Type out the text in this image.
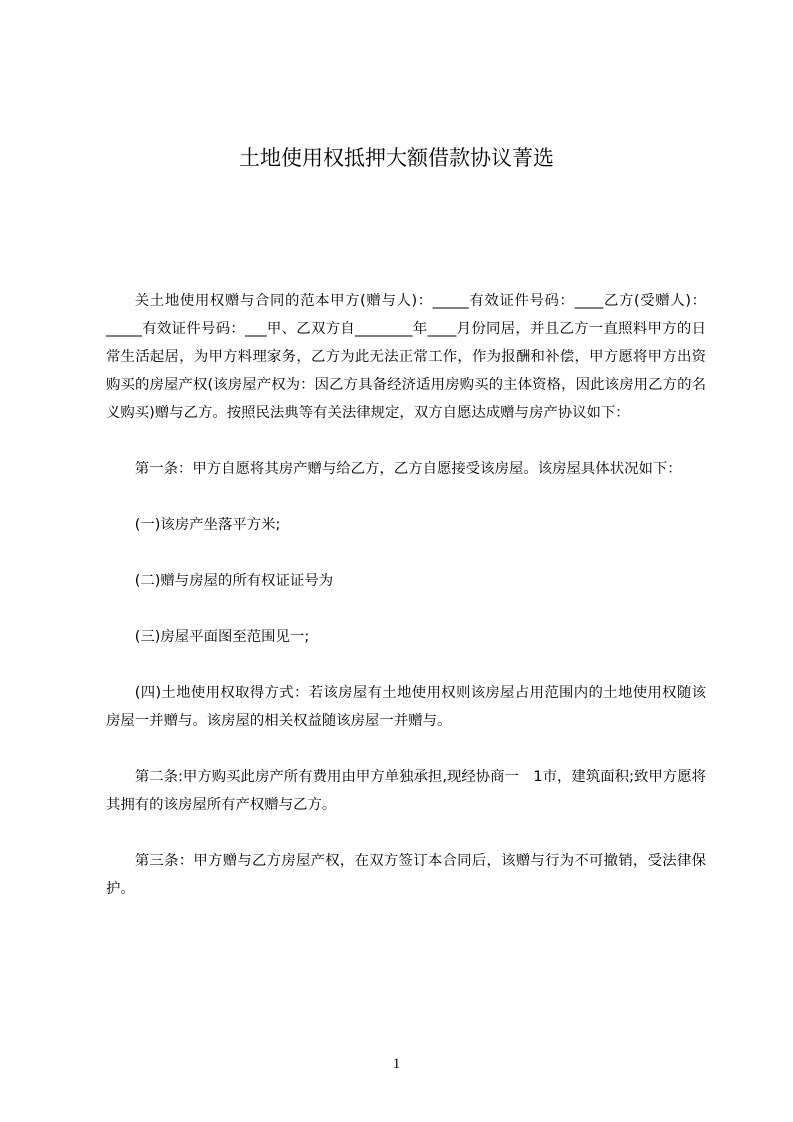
土地使用权抵押大额借款协议菁选

关土地使用权赠与合同的范本甲方(赠与人)：_____有效证件号码：____乙方(受赠人)：_____有效证件号码：___甲、乙双方自________年____月份同居，并且乙方一直照料甲方的日常生活起居，为甲方料理家务，乙方为此无法正常工作，作为报酬和补偿，甲方愿将甲方出资购买的房屋产权(该房屋产权为：因乙方具备经济适用房购买的主体资格，因此该房用乙方的名义购买)赠与乙方。按照民法典等有关法律规定，双方自愿达成赠与房产协议如下：

第一条：甲方自愿将其房产赠与给乙方，乙方自愿接受该房屋。该房屋具体状况如下：

(一)该房产坐落平方米;

(二)赠与房屋的所有权证证号为

(三)房屋平面图至范围见一;

(四)土地使用权取得方式：若该房屋有土地使用权则该房屋占用范围内的土地使用权随该房屋一并赠与。该房屋的相关权益随该房屋一并赠与。

第二条:甲方购买此房产所有费用由甲方单独承担,现经协商一　1市，建筑面积;致甲方愿将其拥有的该房屋所有产权赠与乙方。

第三条：甲方赠与乙方房屋产权，在双方签订本合同后，该赠与行为不可撤销，受法律保护。

1
